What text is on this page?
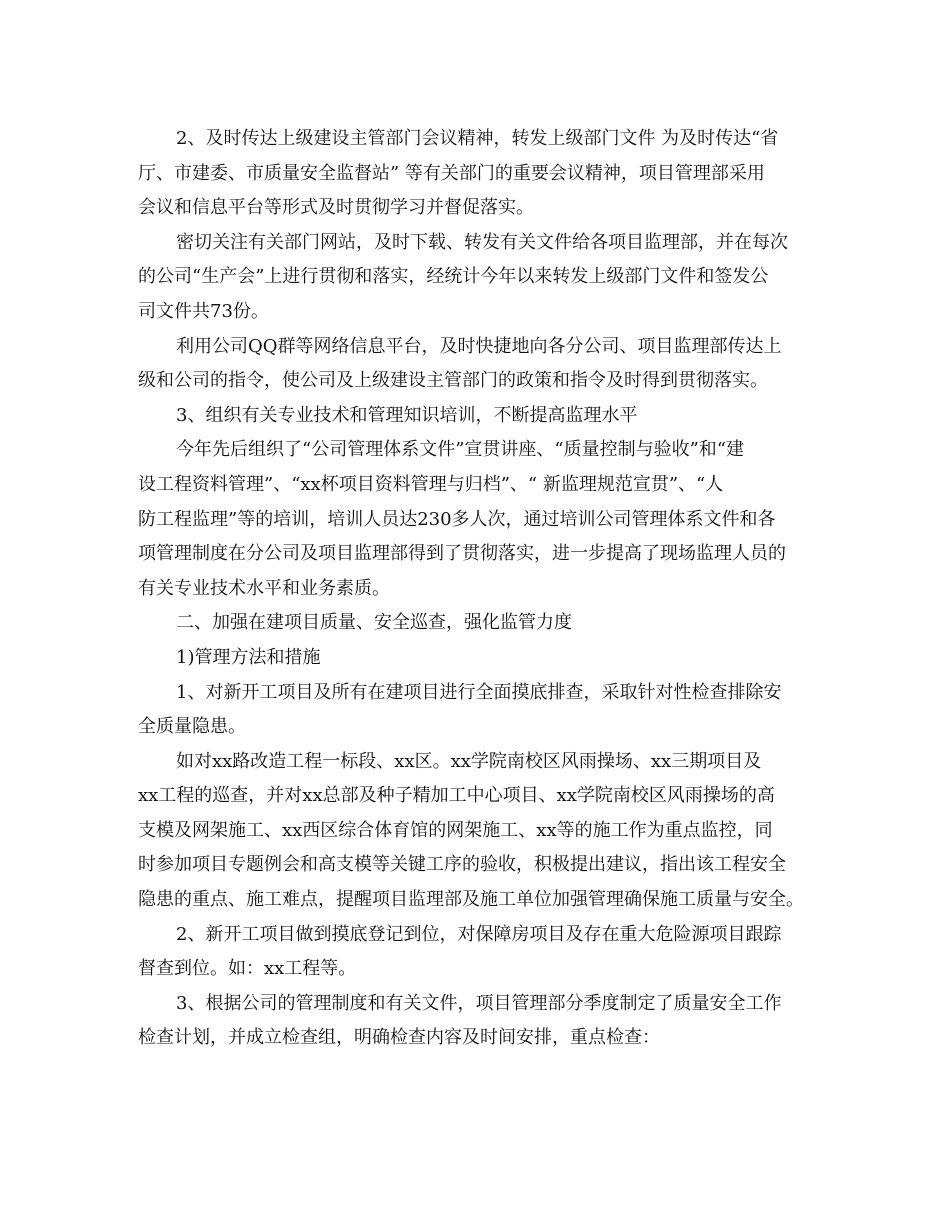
2、及时传达上级建设主管部门会议精神，转发上级部门文件 为及时传达“省
厅、市建委、市质量安全监督站” 等有关部门的重要会议精神，项目管理部采用
会议和信息平台等形式及时贯彻学习并督促落实。
密切关注有关部门网站，及时下载、转发有关文件给各项目监理部，并在每次
的公司“生产会”上进行贯彻和落实，经统计今年以来转发上级部门文件和签发公
司文件共73份。
利用公司QQ群等网络信息平台，及时快捷地向各分公司、项目监理部传达上
级和公司的指令，使公司及上级建设主管部门的政策和指令及时得到贯彻落实。
3、组织有关专业技术和管理知识培训，不断提高监理水平
今年先后组织了“公司管理体系文件”宣贯讲座、“质量控制与验收”和“建
设工程资料管理”、“xx杯项目资料管理与归档”、“ 新监理规范宣贯”、“人
防工程监理”等的培训，培训人员达230多人次，通过培训公司管理体系文件和各
项管理制度在分公司及项目监理部得到了贯彻落实，进一步提高了现场监理人员的
有关专业技术水平和业务素质。
二、加强在建项目质量、安全巡查，强化监管力度
1)管理方法和措施
1、对新开工项目及所有在建项目进行全面摸底排查，采取针对性检查排除安
全质量隐患。
如对xx路改造工程一标段、xx区。xx学院南校区风雨操场、xx三期项目及
xx工程的巡查，并对xx总部及种子精加工中心项目、xx学院南校区风雨操场的高
支模及网架施工、xx西区综合体育馆的网架施工、xx等的施工作为重点监控，同
时参加项目专题例会和高支模等关键工序的验收，积极提出建议，指出该工程安全
隐患的重点、施工难点，提醒项目监理部及施工单位加强管理确保施工质量与安全。
2、新开工项目做到摸底登记到位，对保障房项目及存在重大危险源项目跟踪
督查到位。如：xx工程等。
3、根据公司的管理制度和有关文件，项目管理部分季度制定了质量安全工作
检查计划，并成立检查组，明确检查内容及时间安排，重点检查：
